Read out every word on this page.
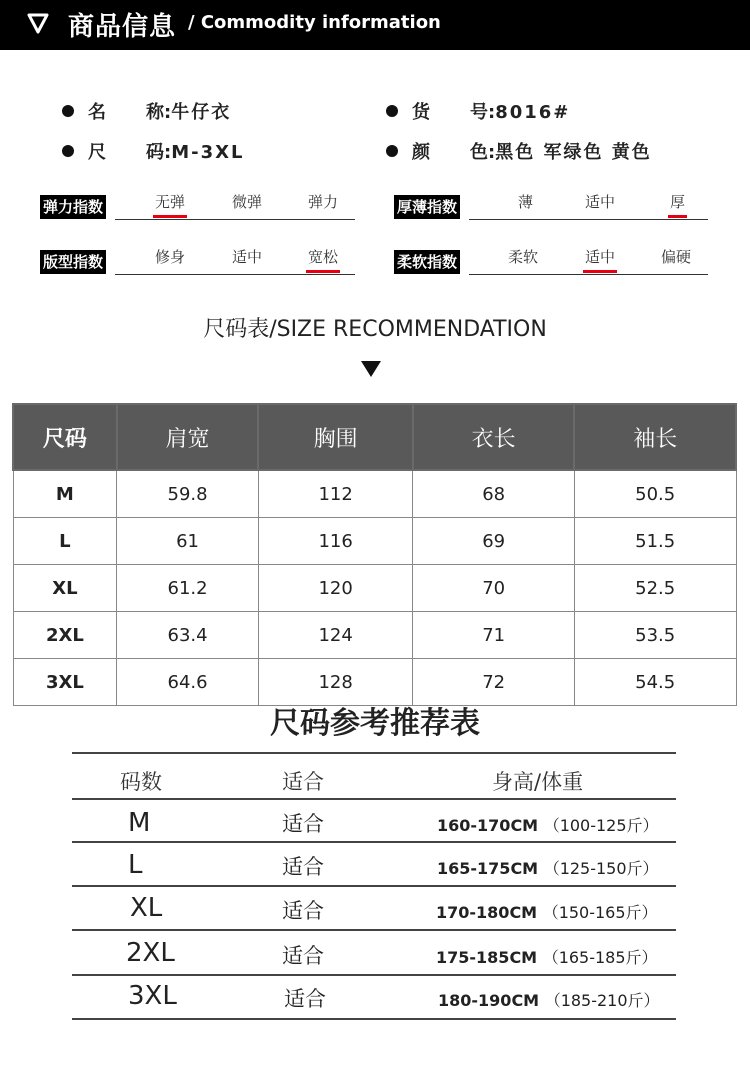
商品信息 / Commodity information
名 称:牛仔衣	货 号:8016#
尺 码:M-3XL	颜 色:黑色 军绿色 黄色
弹力指数	无弹	微弹	弹力	厚薄指数	薄	适中	厚
版型指数	修身	适中	宽松	柔软指数	柔软	适中	偏硬
尺码表/SIZE RECOMMENDATION
尺码	肩宽	胸围	衣长	袖长
M	59.8	112	68	50.5
L	61	116	69	51.5
XL	61.2	120	70	52.5
2XL	63.4	124	71	53.5
3XL	64.6	128	72	54.5
尺码参考推荐表
码数	适合	身高/体重
M	适合	160-170CM （100-125斤）
L	适合	165-175CM （125-150斤）
XL	适合	170-180CM （150-165斤）
2XL	适合	175-185CM （165-185斤）
3XL	适合	180-190CM （185-210斤）
